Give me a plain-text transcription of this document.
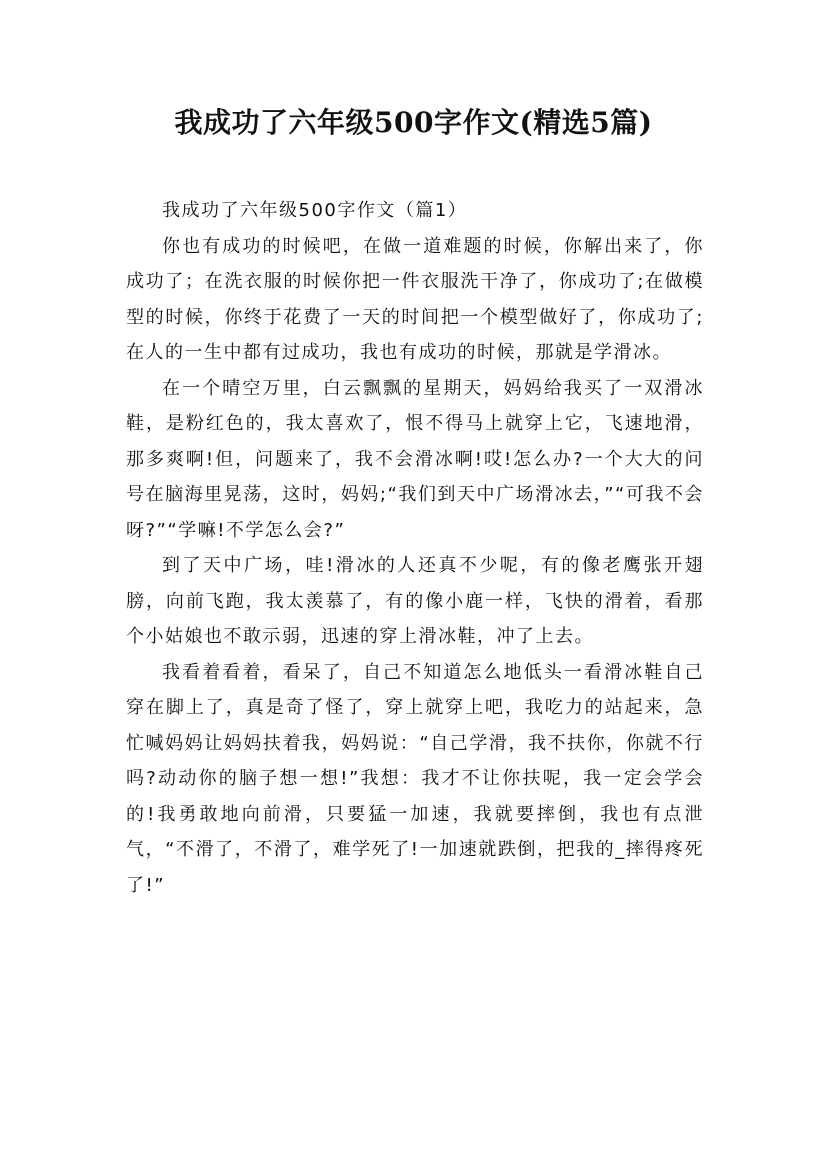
我成功了六年级500字作文(精选5篇)

我成功了六年级500字作文（篇1）

你也有成功的时候吧，在做一道难题的时候，你解出来了，你成功了；在洗衣服的时候你把一件衣服洗干净了，你成功了;在做模型的时候，你终于花费了一天的时间把一个模型做好了，你成功了;在人的一生中都有过成功，我也有成功的时候，那就是学滑冰。

在一个晴空万里，白云飘飘的星期天，妈妈给我买了一双滑冰鞋，是粉红色的，我太喜欢了，恨不得马上就穿上它，飞速地滑，那多爽啊!但，问题来了，我不会滑冰啊!哎!怎么办?一个大大的问号在脑海里晃荡，这时，妈妈;“我们到天中广场滑冰去，”“可我不会呀?”“学嘛!不学怎么会?”

到了天中广场，哇!滑冰的人还真不少呢，有的像老鹰张开翅膀，向前飞跑，我太羡慕了，有的像小鹿一样，飞快的滑着，看那个小姑娘也不敢示弱，迅速的穿上滑冰鞋，冲了上去。

我看着看着，看呆了，自己不知道怎么地低头一看滑冰鞋自己穿在脚上了，真是奇了怪了，穿上就穿上吧，我吃力的站起来，急忙喊妈妈让妈妈扶着我，妈妈说：“自己学滑，我不扶你，你就不行吗?动动你的脑子想一想!”我想：我才不让你扶呢，我一定会学会的!我勇敢地向前滑，只要猛一加速，我就要摔倒，我也有点泄气，“不滑了，不滑了，难学死了!一加速就跌倒，把我的_摔得疼死了!”
